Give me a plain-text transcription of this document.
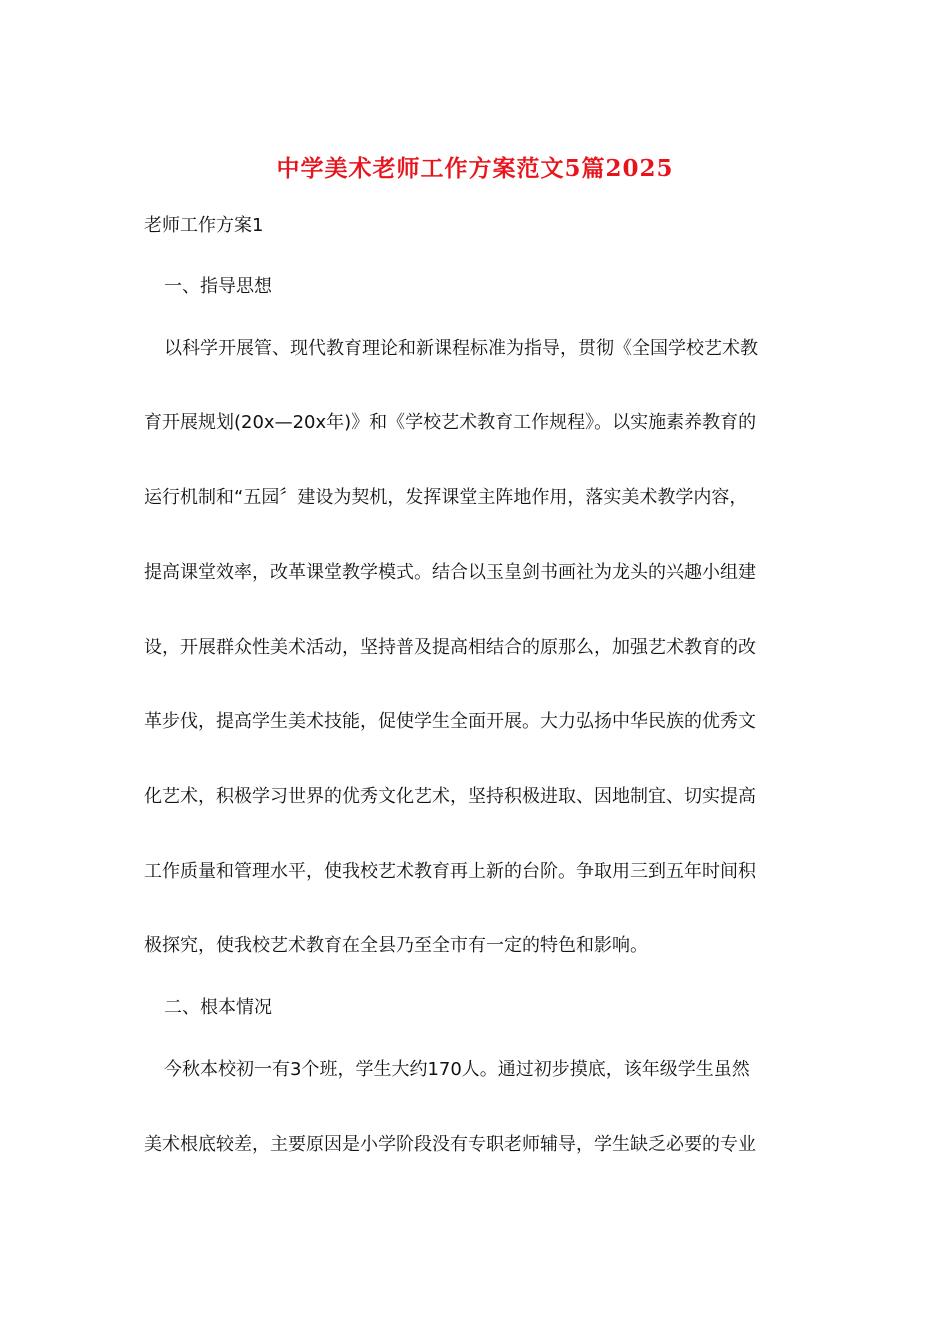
中学美术老师工作方案范文5篇2025
老师工作方案1
一、指导思想
以科学开展管、现代教育理论和新课程标准为指导，贯彻《全国学校艺术教
育开展规划(20x—20x年)》和《学校艺术教育工作规程》。以实施素养教育的
运行机制和“五园〞建设为契机，发挥课堂主阵地作用，落实美术教学内容，
提高课堂效率，改革课堂教学模式。结合以玉皇剑书画社为龙头的兴趣小组建
设，开展群众性美术活动，坚持普及提高相结合的原那么，加强艺术教育的改
革步伐，提高学生美术技能，促使学生全面开展。大力弘扬中华民族的优秀文
化艺术，积极学习世界的优秀文化艺术，坚持积极进取、因地制宜、切实提高
工作质量和管理水平，使我校艺术教育再上新的台阶。争取用三到五年时间积
极探究，使我校艺术教育在全县乃至全市有一定的特色和影响。
二、根本情况
今秋本校初一有3个班，学生大约170人。通过初步摸底，该年级学生虽然
美术根底较差，主要原因是小学阶段没有专职老师辅导，学生缺乏必要的专业
